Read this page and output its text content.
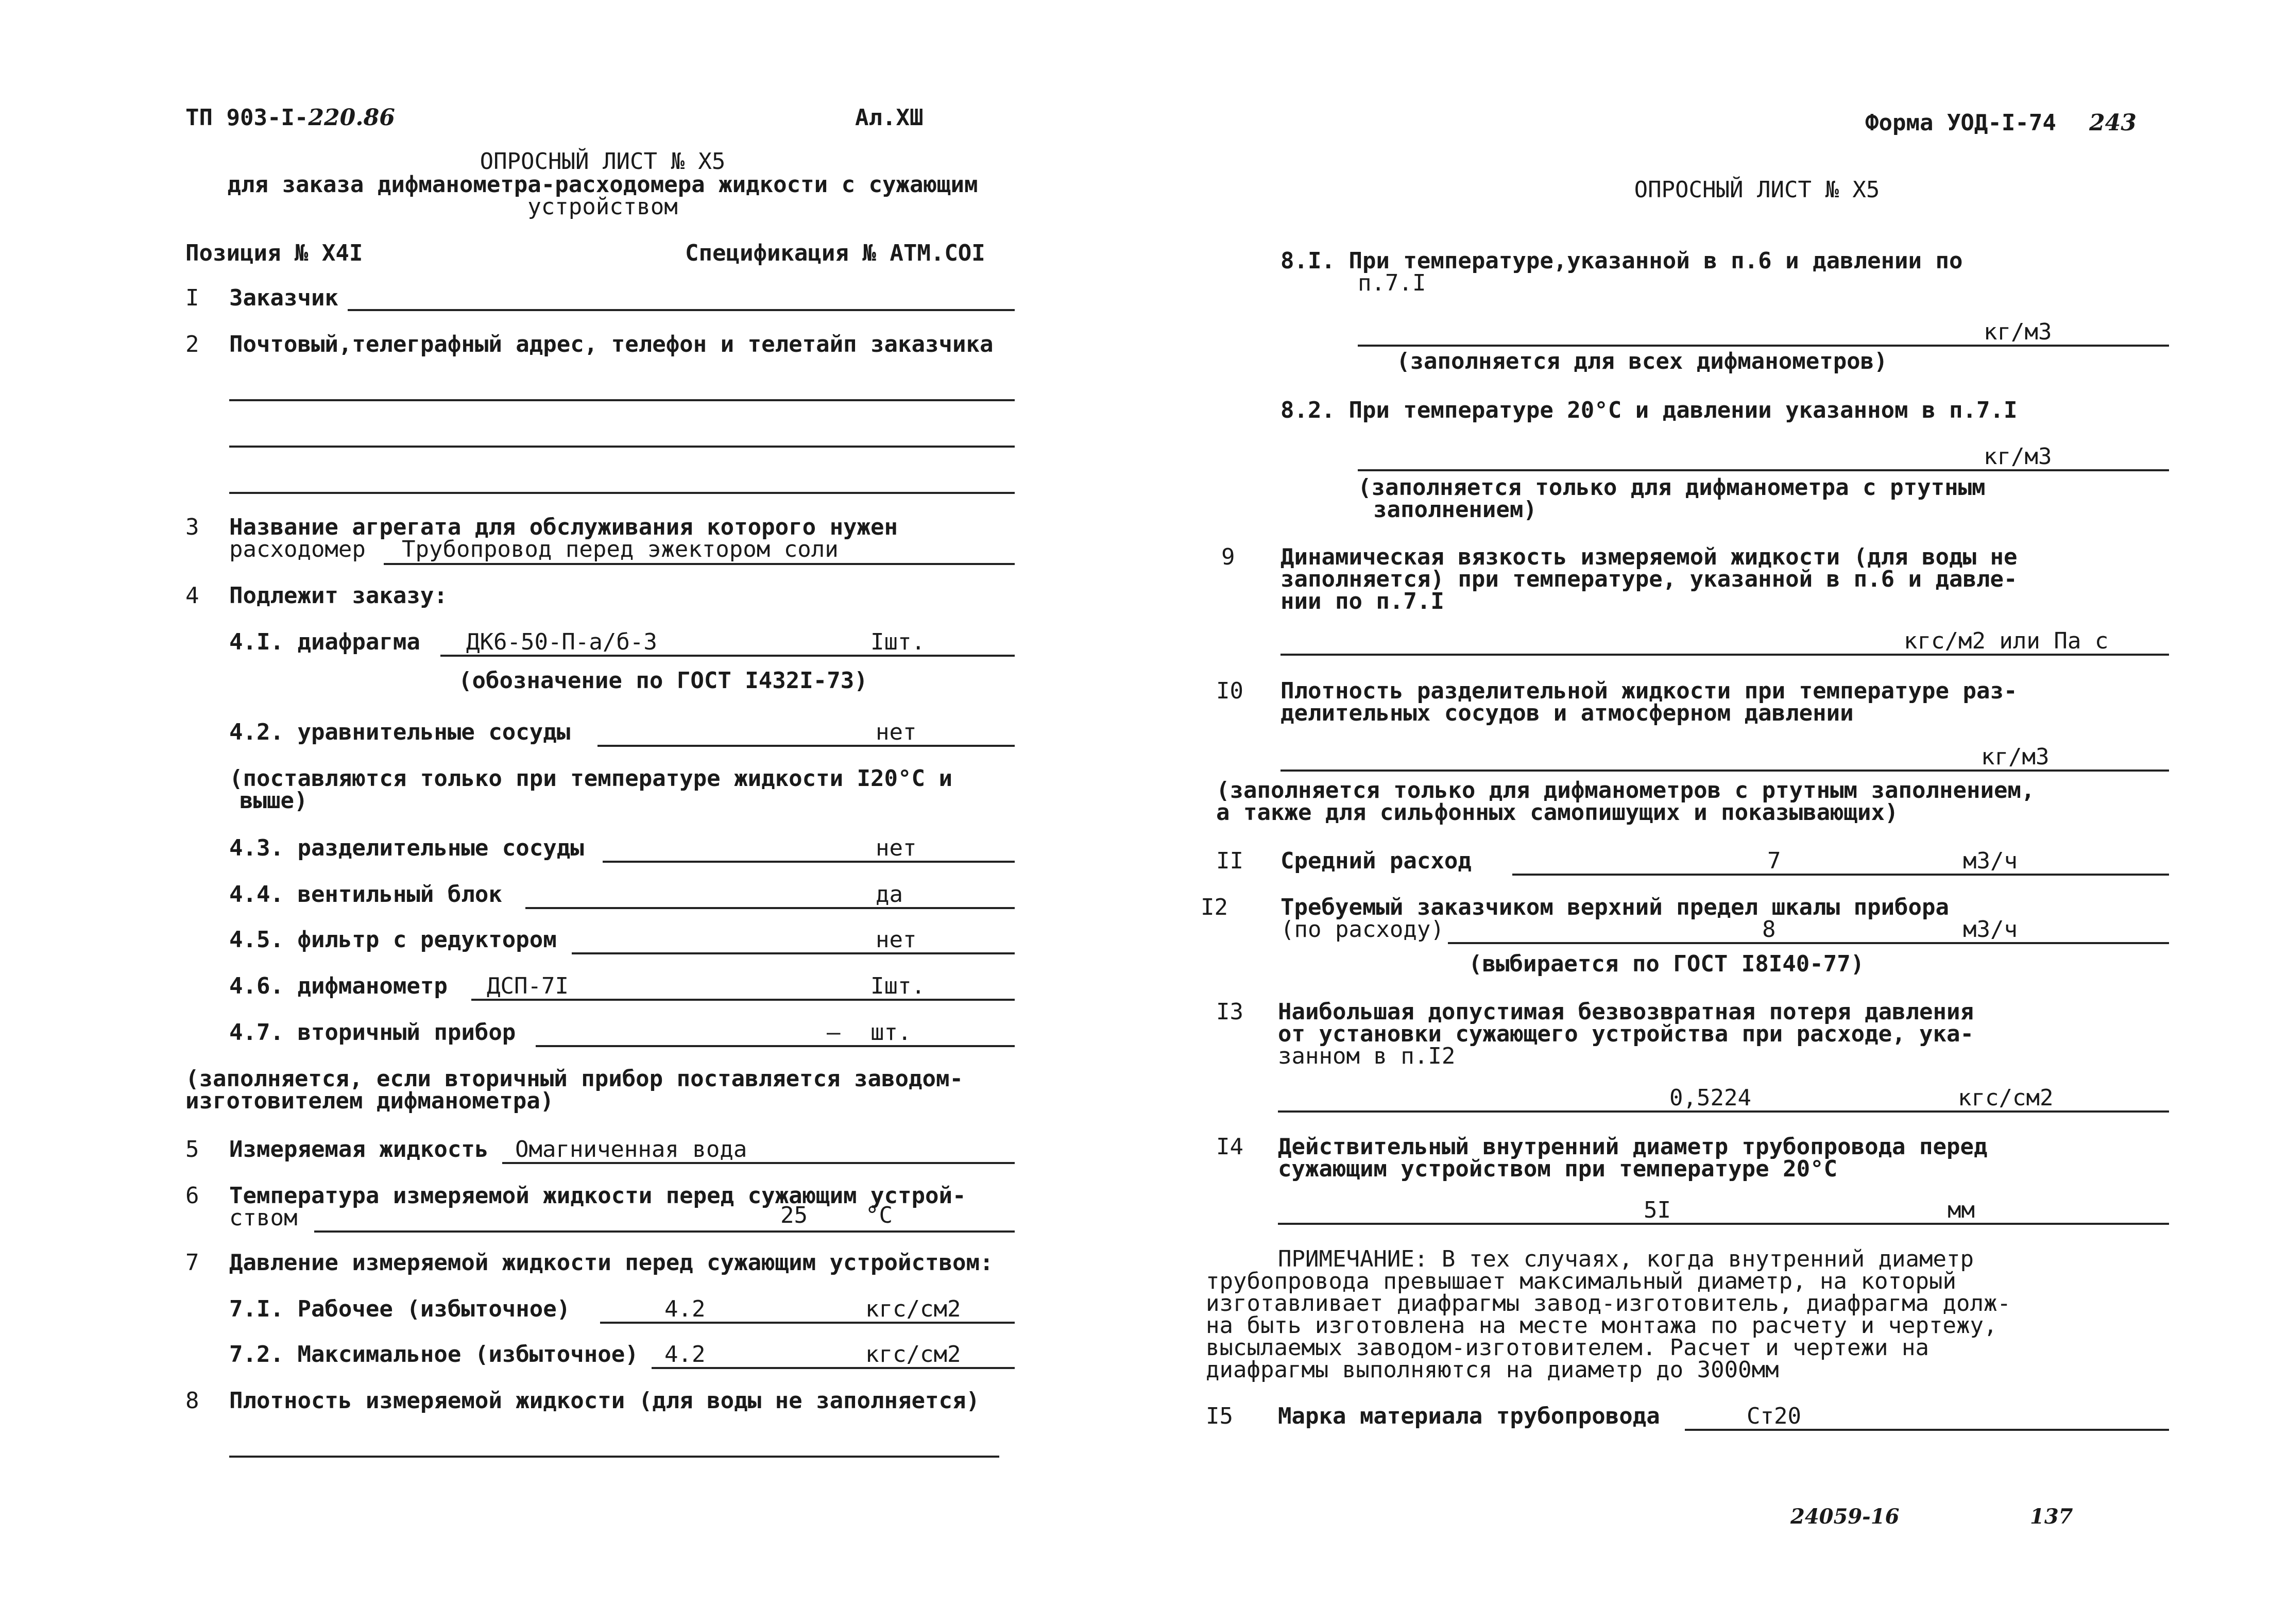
ТП 903-I-220.86	Ал.XШ
ОПРОСНЫЙ ЛИСТ № Х5
для заказа дифманометра-расходомера жидкости с сужающим
устройством
Позиция № Х4I	Спецификация № АТМ.СОI
I Заказчик
2 Почтовый,телеграфный адрес, телефон и телетайп заказчика
3 Название агрегата для обслуживания которого нужен
расходомер Трубопровод перед эжектором соли
4 Подлежит заказу:
4.I. диафрагма ДК6-50-П-а/б-3	Iшт.
(обозначение по ГОСТ I432I-73)
4.2. уравнительные сосуды	нет
(поставляются только при температуре жидкости I20°С и
выше)
4.3. разделительные сосуды	нет
4.4. вентильный блок	да
4.5. фильтр с редуктором	нет
4.6. дифманометр ДСП-7I	Iшт.
4.7. вторичный прибор	— шт.
(заполняется, если вторичный прибор поставляется заводом-
изготовителем дифманометра)
5 Измеряемая жидкость Омагниченная вода
6 Температура измеряемой жидкости перед сужающим устрой-
ством	25	°С
7 Давление измеряемой жидкости перед сужающим устройством:
7.I. Рабочее (избыточное)	4.2	кгс/см2
7.2. Максимальное (избыточное) 4.2	кгс/см2
8 Плотность измеряемой жидкости (для воды не заполняется)
Форма УОД-I-74 243
ОПРОСНЫЙ ЛИСТ № Х5
8.I. При температуре,указанной в п.6 и давлении по
п.7.I
кг/м3
(заполняется для всех дифманометров)
8.2. При температуре 20°С и давлении указанном в п.7.I
кг/м3
(заполняется только для дифманометра с ртутным
заполнением)
9 Динамическая вязкость измеряемой жидкости (для воды не
заполняется) при температуре, указанной в п.6 и давле-
нии по п.7.I
кгс/м2 или Па с
I0 Плотность разделительной жидкости при температуре раз-
делительных сосудов и атмосферном давлении
кг/м3
(заполняется только для дифманометров с ртутным заполнением,
а также для сильфонных самопишущих и показывающих)
II Средний расход	7	м3/ч
I2 Требуемый заказчиком верхний предел шкалы прибора
(по расходу)	8	м3/ч
(выбирается по ГОСТ I8I40-77)
I3 Наибольшая допустимая безвозвратная потеря давления
от установки сужающего устройства при расходе, ука-
занном в п.I2
0,5224	кгс/см2
I4 Действительный внутренний диаметр трубопровода перед
сужающим устройством при температуре 20°С
5I	мм
ПРИМЕЧАНИЕ: В тех случаях, когда внутренний диаметр
трубопровода превышает максимальный диаметр, на который
изготавливает диафрагмы завод-изготовитель, диафрагма долж-
на быть изготовлена на месте монтажа по расчету и чертежу,
высылаемых заводом-изготовителем. Расчет и чертежи на
диафрагмы выполняются на диаметр до 3000мм
I5 Марка материала трубопровода	Ст20
24059-16	137
